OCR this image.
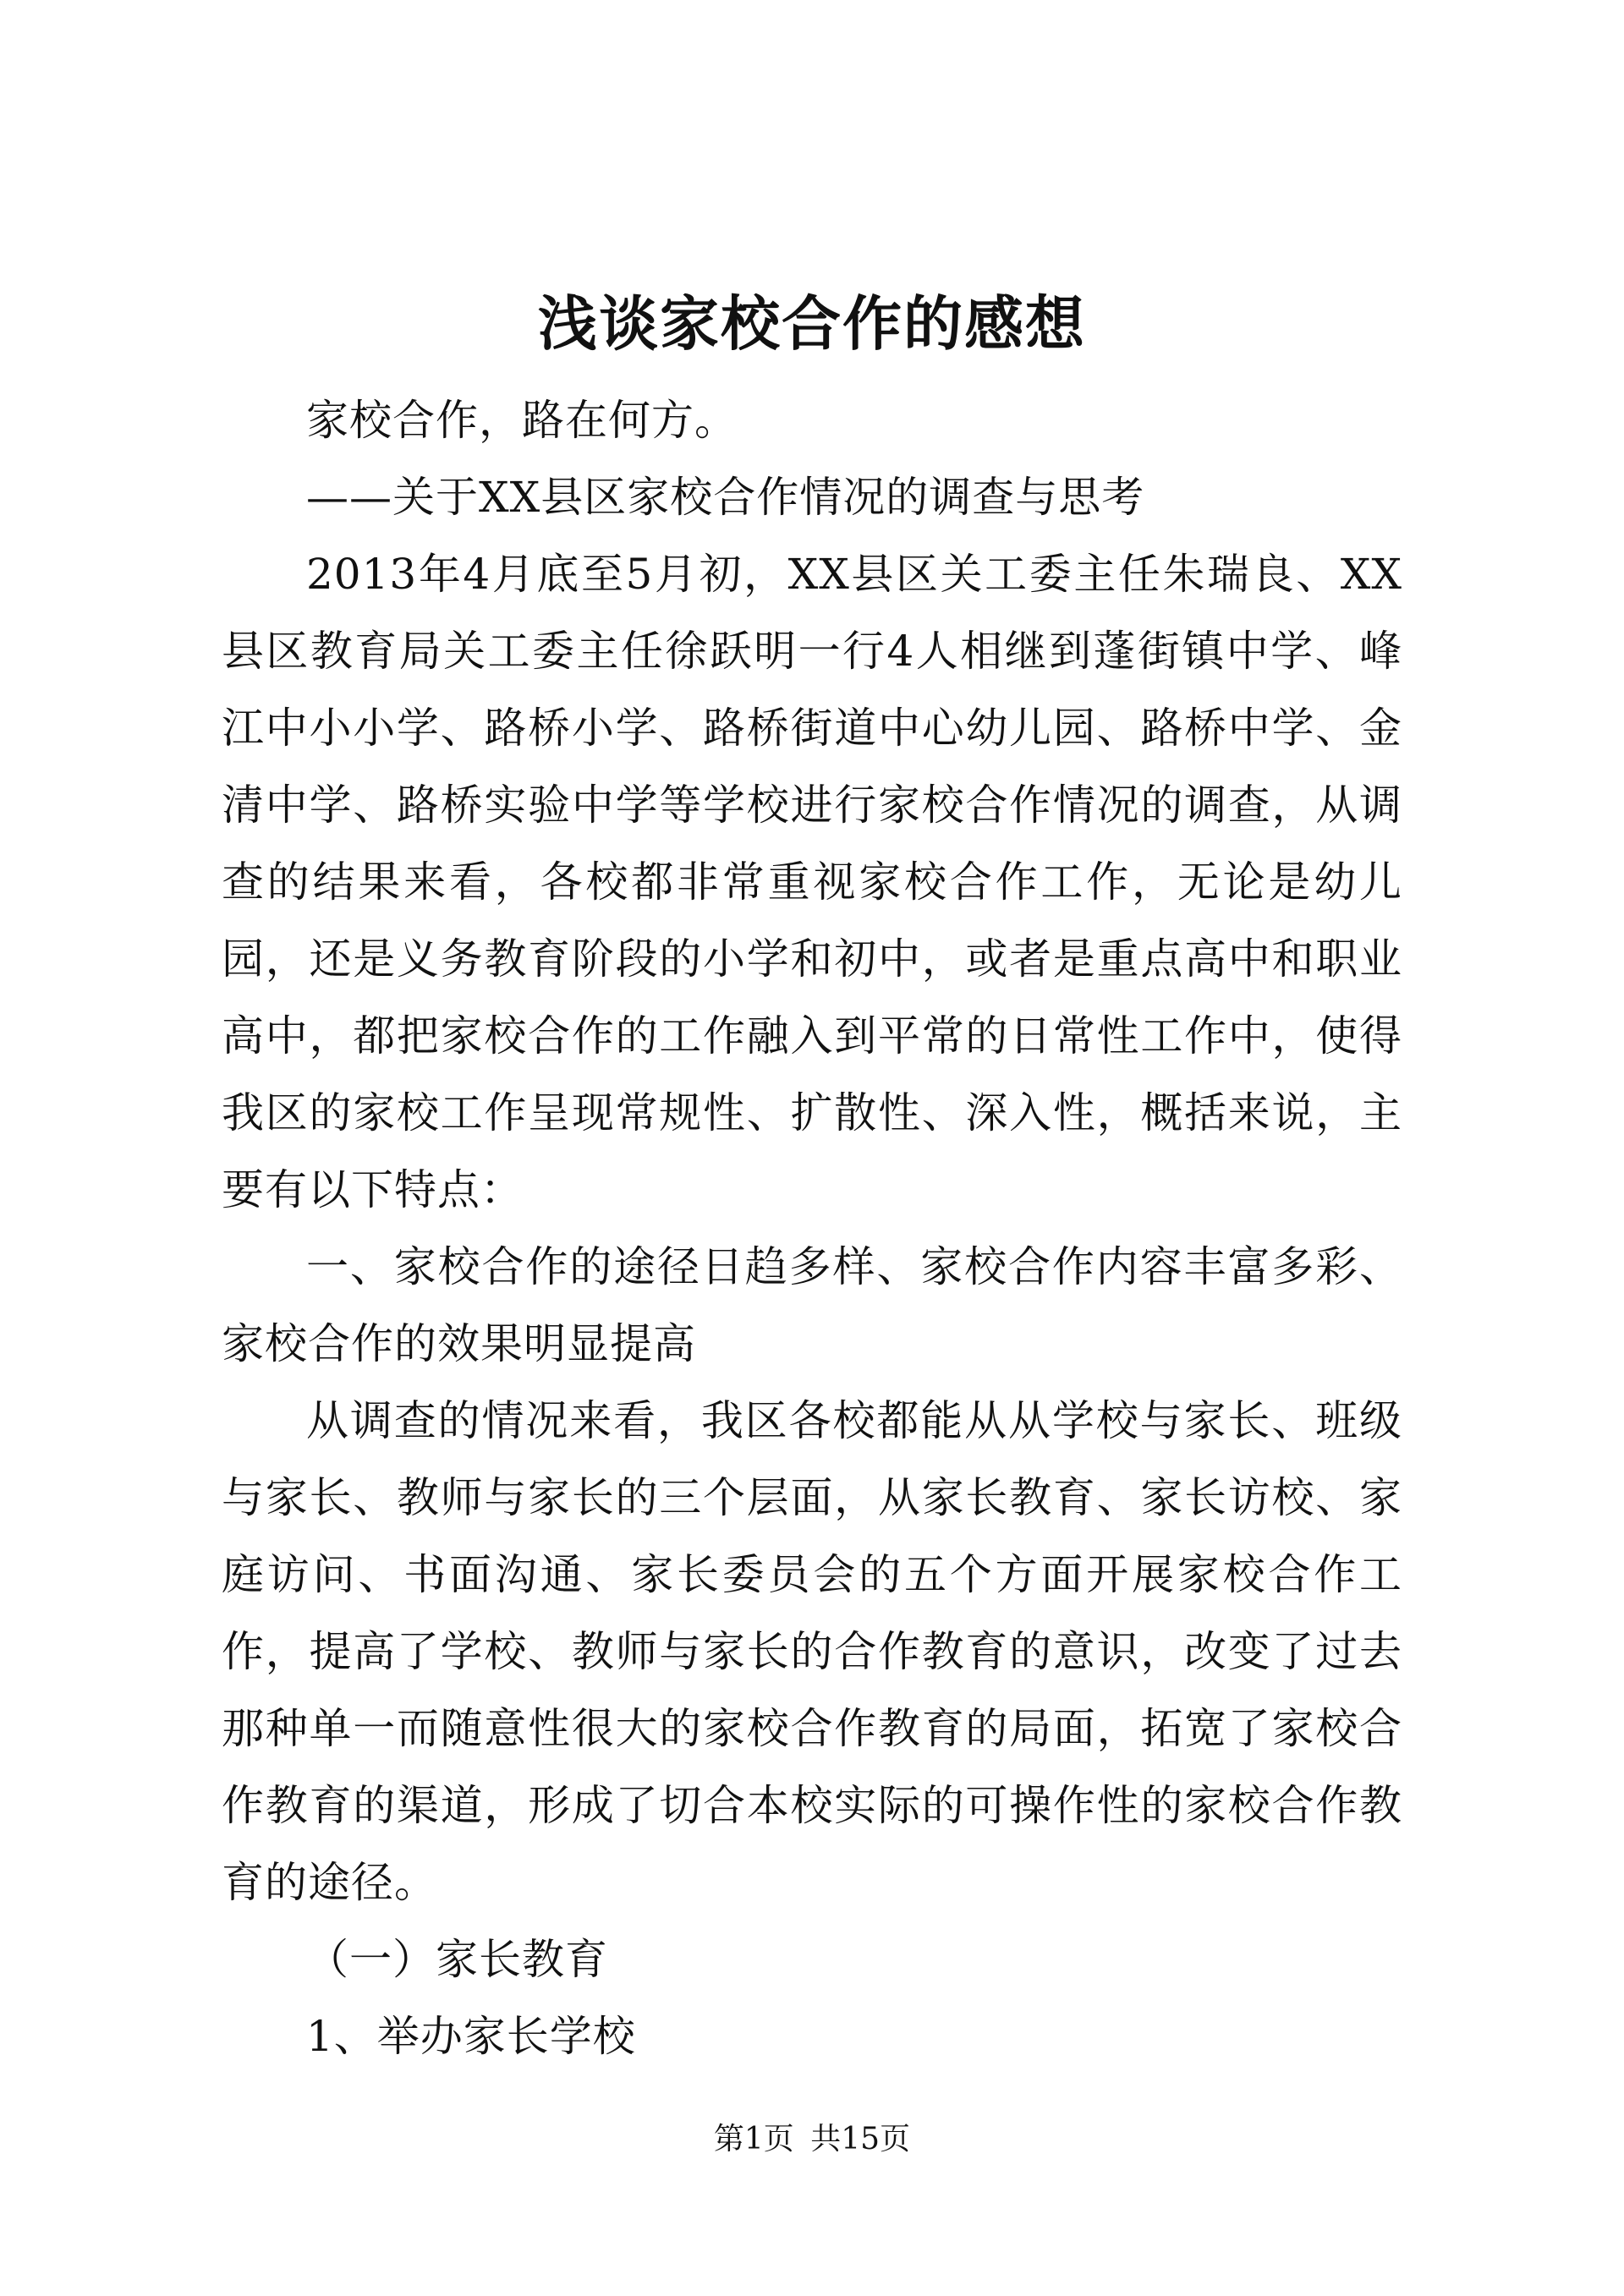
浅谈家校合作的感想

家校合作，路在何方。

——关于XX县区家校合作情况的调查与思考

2013年4月底至5月初，XX县区关工委主任朱瑞良、XX县区教育局关工委主任徐跃明一行4人相继到蓬街镇中学、峰江中小小学、路桥小学、路桥街道中心幼儿园、路桥中学、金清中学、路桥实验中学等学校进行家校合作情况的调查，从调查的结果来看，各校都非常重视家校合作工作，无论是幼儿园，还是义务教育阶段的小学和初中，或者是重点高中和职业高中，都把家校合作的工作融入到平常的日常性工作中，使得我区的家校工作呈现常规性、扩散性、深入性，概括来说，主要有以下特点：

一、家校合作的途径日趋多样、家校合作内容丰富多彩、家校合作的效果明显提高

从调查的情况来看，我区各校都能从从学校与家长、班级与家长、教师与家长的三个层面，从家长教育、家长访校、家庭访问、书面沟通、家长委员会的五个方面开展家校合作工作，提高了学校、教师与家长的合作教育的意识，改变了过去那种单一而随意性很大的家校合作教育的局面，拓宽了家校合作教育的渠道，形成了切合本校实际的可操作性的家校合作教育的途径。

（一）家长教育

1、举办家长学校

第1页 共15页
